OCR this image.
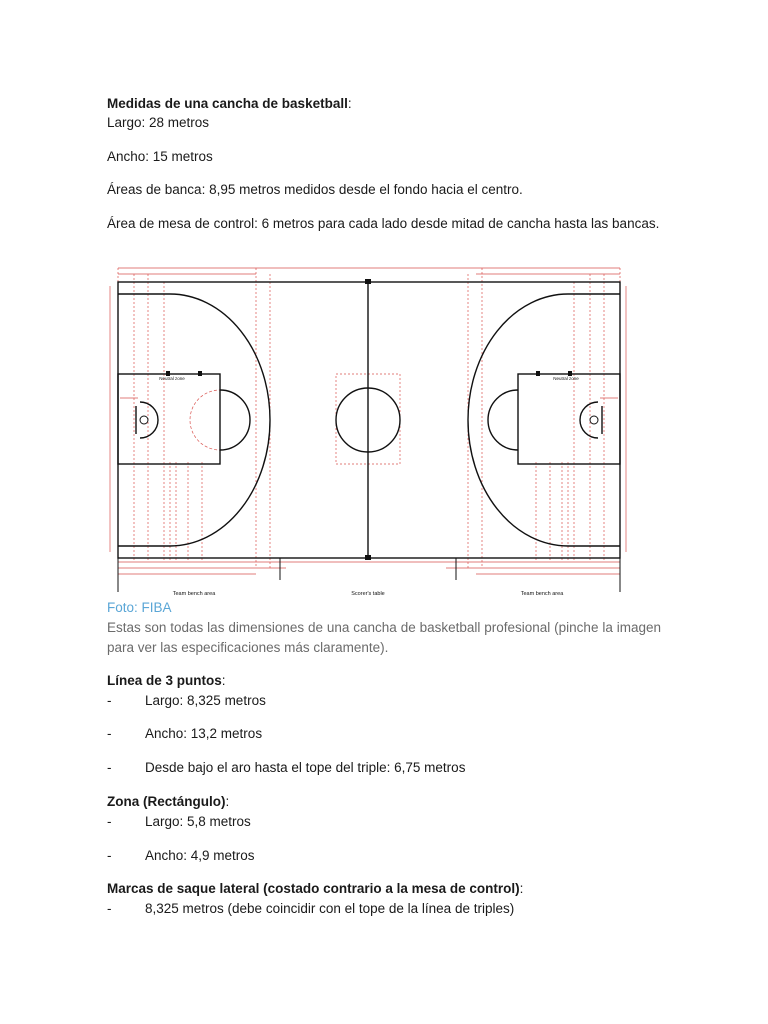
Medidas de una cancha de basketball:

Largo: 28 metros

Ancho: 15 metros

Áreas de banca: 8,95 metros medidos desde el fondo hacia el centro.

Área de mesa de control: 6 metros para cada lado desde mitad de cancha hasta las bancas.

Neutral zone	Neutral zone
Team bench area	Scorer's table	Team bench area

Foto: FIBA

Estas son todas las dimensiones de una cancha de basketball profesional (pinche la imagen para ver las especificaciones más claramente).

Línea de 3 puntos:

- Largo: 8,325 metros
- Ancho: 13,2 metros
- Desde bajo el aro hasta el tope del triple: 6,75 metros

Zona (Rectángulo):

- Largo: 5,8 metros
- Ancho: 4,9 metros

Marcas de saque lateral (costado contrario a la mesa de control):

- 8,325 metros (debe coincidir con el tope de la línea de triples)
